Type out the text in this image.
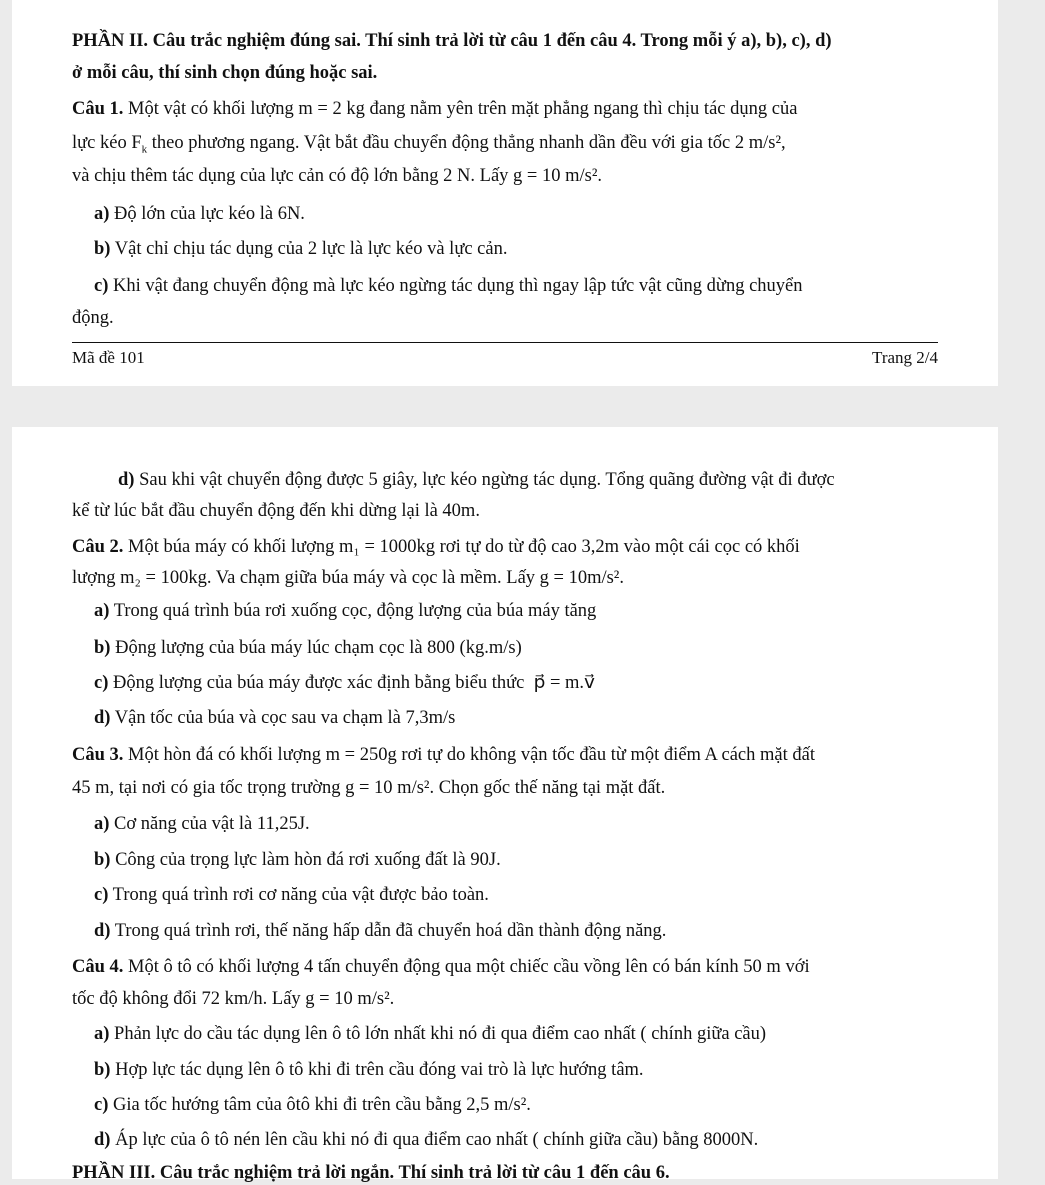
PHẦN II. Câu trắc nghiệm đúng sai. Thí sinh trả lời từ câu 1 đến câu 4. Trong mỗi ý a), b), c), d)
ở mỗi câu, thí sinh chọn đúng hoặc sai.
Câu 1. Một vật có khối lượng m = 2 kg đang nằm yên trên mặt phẳng ngang thì chịu tác dụng của
lực kéo $F_k$ theo phương ngang. Vật bắt đầu chuyển động thẳng nhanh dần đều với gia tốc 2 m/s²,
và chịu thêm tác dụng của lực cản có độ lớn bằng 2 N. Lấy g = 10 m/s².
a) Độ lớn của lực kéo là 6N.
b) Vật chỉ chịu tác dụng của 2 lực là lực kéo và lực cản.
c) Khi vật đang chuyển động mà lực kéo ngừng tác dụng thì ngay lập tức vật cũng dừng chuyển
động.
Mã đề 101	Trang 2/4
d) Sau khi vật chuyển động được 5 giây, lực kéo ngừng tác dụng. Tổng quãng đường vật đi được
kể từ lúc bắt đầu chuyển động đến khi dừng lại là 40m.
Câu 2. Một búa máy có khối lượng m₁ = 1000kg rơi tự do từ độ cao 3,2m vào một cái cọc có khối
lượng m₂ = 100kg. Va chạm giữa búa máy và cọc là mềm. Lấy g = 10m/s².
a) Trong quá trình búa rơi xuống cọc, động lượng của búa máy tăng
b) Động lượng của búa máy lúc chạm cọc là 800 (kg.m/s)
c) Động lượng của búa máy được xác định bằng biểu thức p⃗ = m.v⃗
d) Vận tốc của búa và cọc sau va chạm là 7,3m/s
Câu 3. Một hòn đá có khối lượng m = 250g rơi tự do không vận tốc đầu từ một điểm A cách mặt đất
45 m, tại nơi có gia tốc trọng trường g = 10 m/s². Chọn gốc thế năng tại mặt đất.
a) Cơ năng của vật là 11,25J.
b) Công của trọng lực làm hòn đá rơi xuống đất là 90J.
c) Trong quá trình rơi cơ năng của vật được bảo toàn.
d) Trong quá trình rơi, thế năng hấp dẫn đã chuyển hoá dần thành động năng.
Câu 4. Một ô tô có khối lượng 4 tấn chuyển động qua một chiếc cầu vồng lên có bán kính 50 m với
tốc độ không đổi 72 km/h. Lấy g = 10 m/s².
a) Phản lực do cầu tác dụng lên ô tô lớn nhất khi nó đi qua điểm cao nhất ( chính giữa cầu)
b) Hợp lực tác dụng lên ô tô khi đi trên cầu đóng vai trò là lực hướng tâm.
c) Gia tốc hướng tâm của ôtô khi đi trên cầu bằng 2,5 m/s².
d) Áp lực của ô tô nén lên cầu khi nó đi qua điểm cao nhất ( chính giữa cầu) bằng 8000N.
PHẦN III. Câu trắc nghiệm trả lời ngắn. Thí sinh trả lời từ câu 1 đến câu 6.
